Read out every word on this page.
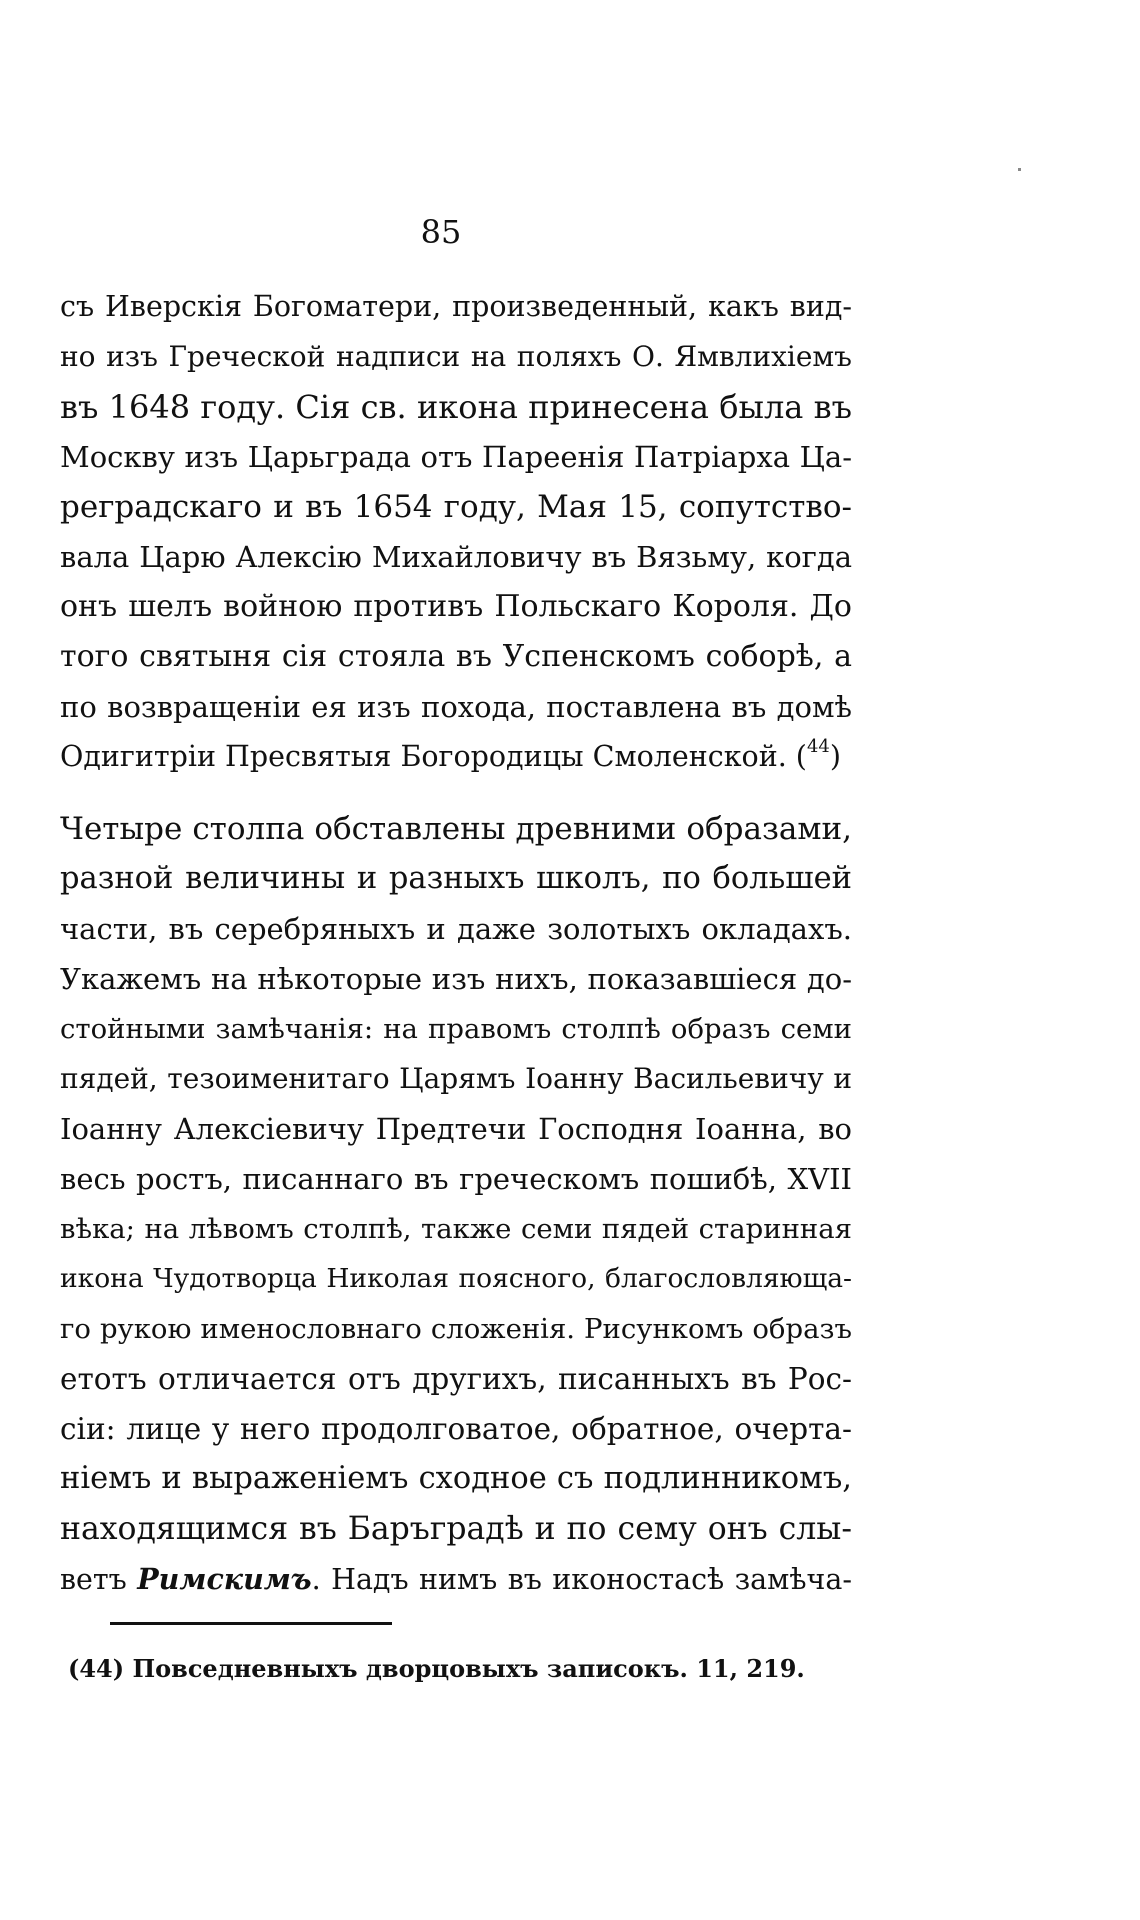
85
съ Иверскія Богоматери, произведенный, какъ вид-
но изъ Греческой надписи на поляхъ О. Ямвлихіемъ
въ 1648 году. Сія св. икона принесена была въ
Москву изъ Царьграда отъ Пареенія Патріарха Ца-
реградскаго и въ 1654 году, Мая 15, сопутство-
вала Царю Алексію Михайловичу въ Вязьму, когда
онъ шелъ войною противъ Польскаго Короля. До
того святыня сія стояла въ Успенскомъ соборѣ, а
по возвращеніи ея изъ похода, поставлена въ домѣ
Одигитріи Пресвятыя Богородицы Смоленской. ($^{44}$)
Четыре столпа обставлены древними образами,
разной величины и разныхъ школъ, по большей
части, въ серебряныхъ и даже золотыхъ окладахъ.
Укажемъ на нѣкоторые изъ нихъ, показавшіеся до-
стойными замѣчанія: на правомъ столпѣ образъ семи
пядей, тезоименитаго Царямъ Іоанну Васильевичу и
Іоанну Алексіевичу Предтечи Господня Іоанна, во
весь ростъ, писаннаго въ греческомъ пошибѣ, XVII
вѣка; на лѣвомъ столпѣ, также семи пядей старинная
икона Чудотворца Николая поясного, благословляюща-
го рукою именословнаго сложенія. Рисункомъ образъ
етотъ отличается отъ другихъ, писанныхъ въ Рос-
сіи: лице у него продолговатое, обратное, очерта-
ніемъ и выраженіемъ сходное съ подлинникомъ,
находящимся въ Баръградѣ и по сему онъ слы-
ветъ Римскимъ. Надъ нимъ въ иконостасѣ замѣча-
(44) Повседневныхъ дворцовыхъ записокъ. 11, 219.
